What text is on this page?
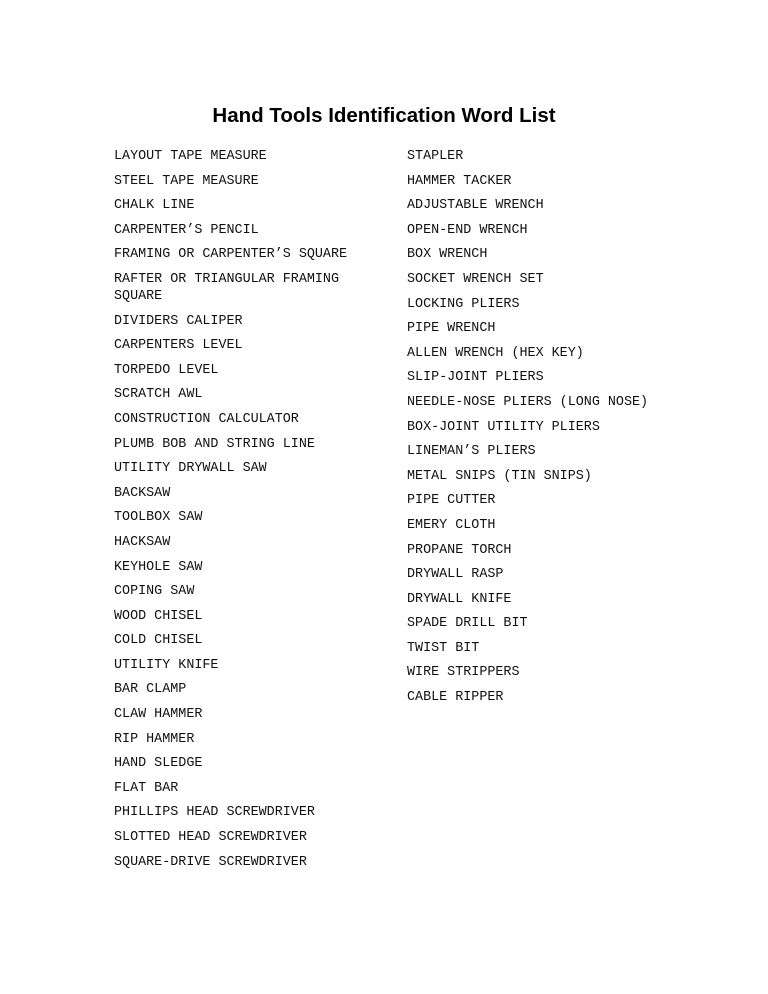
Hand Tools Identification Word List
LAYOUT TAPE MEASURE
STEEL TAPE MEASURE
CHALK LINE
CARPENTER’S PENCIL
FRAMING OR CARPENTER’S SQUARE
RAFTER OR TRIANGULAR FRAMING SQUARE
DIVIDERS CALIPER
CARPENTERS LEVEL
TORPEDO LEVEL
SCRATCH AWL
CONSTRUCTION CALCULATOR
PLUMB BOB AND STRING LINE
UTILITY DRYWALL SAW
BACKSAW
TOOLBOX SAW
HACKSAW
KEYHOLE SAW
COPING SAW
WOOD CHISEL
COLD CHISEL
UTILITY KNIFE
BAR CLAMP
CLAW HAMMER
RIP HAMMER
HAND SLEDGE
FLAT BAR
PHILLIPS HEAD SCREWDRIVER
SLOTTED HEAD SCREWDRIVER
SQUARE-DRIVE SCREWDRIVER
STAPLER
HAMMER TACKER
ADJUSTABLE WRENCH
OPEN-END WRENCH
BOX WRENCH
SOCKET WRENCH SET
LOCKING PLIERS
PIPE WRENCH
ALLEN WRENCH (HEX KEY)
SLIP-JOINT PLIERS
NEEDLE-NOSE PLIERS (LONG NOSE)
BOX-JOINT UTILITY PLIERS
LINEMAN’S PLIERS
METAL SNIPS (TIN SNIPS)
PIPE CUTTER
EMERY CLOTH
PROPANE TORCH
DRYWALL RASP
DRYWALL KNIFE
SPADE DRILL BIT
TWIST BIT
WIRE STRIPPERS
CABLE RIPPER
